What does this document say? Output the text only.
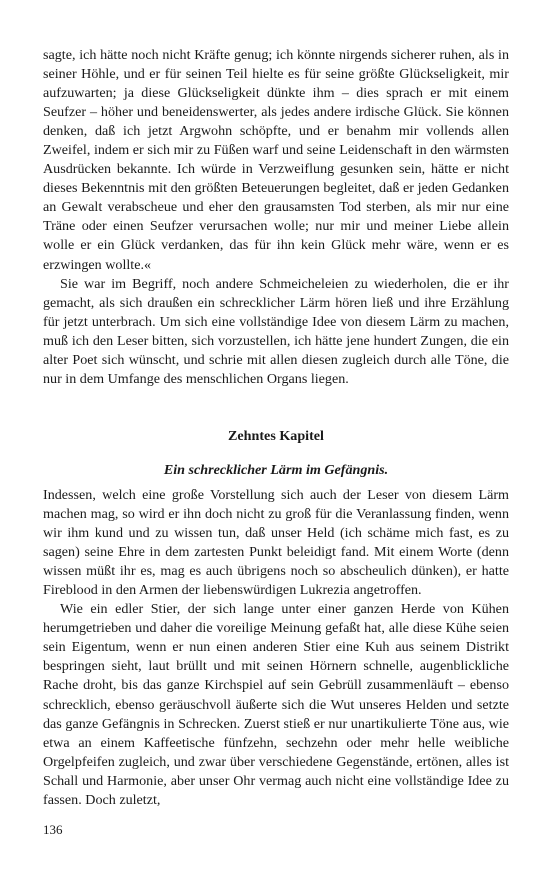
sagte, ich hätte noch nicht Kräfte genug; ich könnte nirgends sicherer ruhen, als in seiner Höhle, und er für seinen Teil hielte es für seine größte Glückseligkeit, mir aufzuwarten; ja diese Glückseligkeit dünkte ihm – dies sprach er mit einem Seufzer – höher und beneidenswerter, als jedes andere irdische Glück. Sie können denken, daß ich jetzt Argwohn schöpfte, und er benahm mir vollends allen Zweifel, indem er sich mir zu Füßen warf und seine Leidenschaft in den wärmsten Ausdrücken bekannte. Ich würde in Verzweiflung gesunken sein, hätte er nicht dieses Bekenntnis mit den größten Beteuerungen begleitet, daß er jeden Gedanken an Gewalt verabscheue und eher den grausamsten Tod sterben, als mir nur eine Träne oder einen Seufzer verursachen wolle; nur mir und meiner Liebe allein wolle er ein Glück verdanken, das für ihn kein Glück mehr wäre, wenn er es erzwingen wollte.«

Sie war im Begriff, noch andere Schmeicheleien zu wiederholen, die er ihr gemacht, als sich draußen ein schrecklicher Lärm hören ließ und ihre Erzählung für jetzt unterbrach. Um sich eine vollständige Idee von diesem Lärm zu machen, muß ich den Leser bitten, sich vorzustellen, ich hätte jene hundert Zungen, die ein alter Poet sich wünscht, und schrie mit allen diesen zugleich durch alle Töne, die nur in dem Umfange des menschlichen Organs liegen.

Zehntes Kapitel
Ein schrecklicher Lärm im Gefängnis.

Indessen, welch eine große Vorstellung sich auch der Leser von diesem Lärm machen mag, so wird er ihn doch nicht zu groß für die Veranlassung finden, wenn wir ihm kund und zu wissen tun, daß unser Held (ich schäme mich fast, es zu sagen) seine Ehre in dem zartesten Punkt beleidigt fand. Mit einem Worte (denn wissen müßt ihr es, mag es auch übrigens noch so abscheulich dünken), er hatte Fireblood in den Armen der liebenswürdigen Lukrezia angetroffen.

Wie ein edler Stier, der sich lange unter einer ganzen Herde von Kühen herumgetrieben und daher die voreilige Meinung gefaßt hat, alle diese Kühe seien sein Eigentum, wenn er nun einen anderen Stier eine Kuh aus seinem Distrikt bespringen sieht, laut brüllt und mit seinen Hörnern schnelle, augenblickliche Rache droht, bis das ganze Kirchspiel auf sein Gebrüll zusammenläuft – ebenso schrecklich, ebenso geräuschvoll äußerte sich die Wut unseres Helden und setzte das ganze Gefängnis in Schrecken. Zuerst stieß er nur unartikulierte Töne aus, wie etwa an einem Kaffeetische fünfzehn, sechzehn oder mehr helle weibliche Orgelpfeifen zugleich, und zwar über verschiedene Gegenstände, ertönen, alles ist Schall und Harmonie, aber unser Ohr vermag auch nicht eine vollständige Idee zu fassen. Doch zuletzt,

136
